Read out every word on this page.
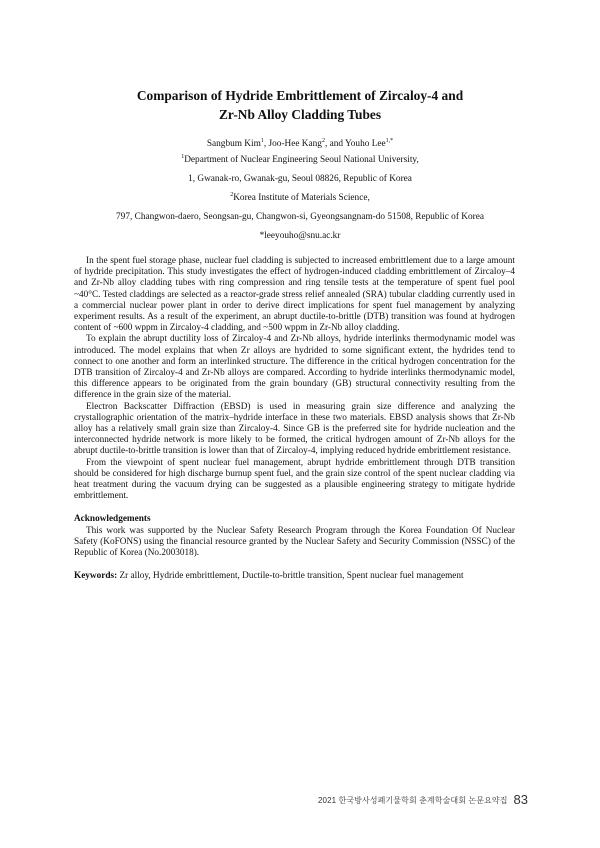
Comparison of Hydride Embrittlement of Zircaloy-4 and
Zr-Nb Alloy Cladding Tubes
Sangbum Kim$^1$, Joo-Hee Kang$^2$, and Youho Lee$^{1,*}$
$^1$Department of Nuclear Engineering Seoul National University,
1, Gwanak-ro, Gwanak-gu, Seoul 08826, Republic of Korea
$^2$Korea Institute of Materials Science,
797, Changwon-daero, Seongsan-gu, Changwon-si, Gyeongsangnam-do 51508, Republic of Korea
*leeyouho@snu.ac.kr

In the spent fuel storage phase, nuclear fuel cladding is subjected to increased embrittlement due to a large amount of hydride precipitation. This study investigates the effect of hydrogen-induced cladding embrittlement of Zircaloy–4 and Zr-Nb alloy cladding tubes with ring compression and ring tensile tests at the temperature of spent fuel pool ~40°C. Tested claddings are selected as a reactor-grade stress relief annealed (SRA) tubular cladding currently used in a commercial nuclear power plant in order to derive direct implications for spent fuel management by analyzing experiment results. As a result of the experiment, an abrupt ductile-to-brittle (DTB) transition was found at hydrogen content of ~600 wppm in Zircaloy-4 cladding, and ~500 wppm in Zr-Nb alloy cladding.

To explain the abrupt ductility loss of Zircaloy-4 and Zr-Nb alloys, hydride interlinks thermodynamic model was introduced. The model explains that when Zr alloys are hydrided to some significant extent, the hydrides tend to connect to one another and form an interlinked structure. The difference in the critical hydrogen concentration for the DTB transition of Zircaloy-4 and Zr-Nb alloys are compared. According to hydride interlinks thermodynamic model, this difference appears to be originated from the grain boundary (GB) structural connectivity resulting from the difference in the grain size of the material.

Electron Backscatter Diffraction (EBSD) is used in measuring grain size difference and analyzing the crystallographic orientation of the matrix–hydride interface in these two materials. EBSD analysis shows that Zr-Nb alloy has a relatively small grain size than Zircaloy-4. Since GB is the preferred site for hydride nucleation and the interconnected hydride network is more likely to be formed, the critical hydrogen amount of Zr-Nb alloys for the abrupt ductile-to-brittle transition is lower than that of Zircaloy-4, implying reduced hydride embrittlement resistance.

From the viewpoint of spent nuclear fuel management, abrupt hydride embrittlement through DTB transition should be considered for high discharge burnup spent fuel, and the grain size control of the spent nuclear cladding via heat treatment during the vacuum drying can be suggested as a plausible engineering strategy to mitigate hydride embrittlement.

Acknowledgements

This work was supported by the Nuclear Safety Research Program through the Korea Foundation Of Nuclear Safety (KoFONS) using the financial resource granted by the Nuclear Safety and Security Commission (NSSC) of the Republic of Korea (No.2003018).

Keywords: Zr alloy, Hydride embrittlement, Ductile-to-brittle transition, Spent nuclear fuel management

2021 한국방사성폐기물학회 춘계학술대회 논문요약집 83
